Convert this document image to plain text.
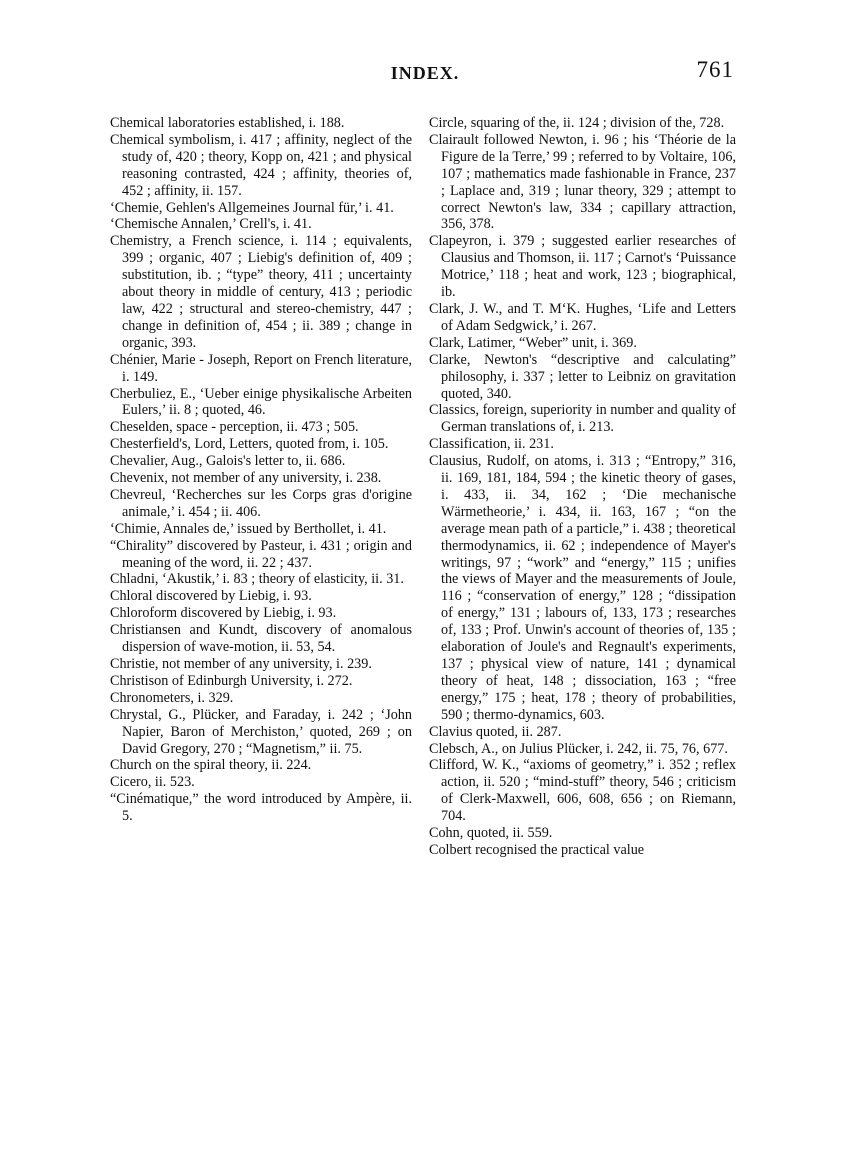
INDEX.	761

Chemical laboratories established, i. 188.

Chemical symbolism, i. 417 ; affinity, neglect of the study of, 420 ; theory, Kopp on, 421 ; and physical reasoning contrasted, 424 ; affinity, theories of, 452 ; affinity, ii. 157.

‘Chemie, Gehlen's Allgemeines Journal für,’ i. 41.

‘Chemische Annalen,’ Crell's, i. 41.

Chemistry, a French science, i. 114 ; equivalents, 399 ; organic, 407 ; Liebig's definition of, 409 ; substitution, ib. ; “type” theory, 411 ; uncertainty about theory in middle of century, 413 ; periodic law, 422 ; structural and stereo-chemistry, 447 ; change in definition of, 454 ; ii. 389 ; change in organic, 393.

Chénier, Marie - Joseph, Report on French literature, i. 149.

Cherbuliez, E., ‘Ueber einige physikalische Arbeiten Eulers,’ ii. 8 ; quoted, 46.

Cheselden, space - perception, ii. 473 ; 505.

Chesterfield's, Lord, Letters, quoted from, i. 105.

Chevalier, Aug., Galois's letter to, ii. 686.

Chevenix, not member of any university, i. 238.

Chevreul, ‘Recherches sur les Corps gras d'origine animale,’ i. 454 ; ii. 406.

‘Chimie, Annales de,’ issued by Berthollet, i. 41.

“Chirality” discovered by Pasteur, i. 431 ; origin and meaning of the word, ii. 22 ; 437.

Chladni, ‘Akustik,’ i. 83 ; theory of elasticity, ii. 31.

Chloral discovered by Liebig, i. 93.

Chloroform discovered by Liebig, i. 93.

Christiansen and Kundt, discovery of anomalous dispersion of wave-motion, ii. 53, 54.

Christie, not member of any university, i. 239.

Christison of Edinburgh University, i. 272.

Chronometers, i. 329.

Chrystal, G., Plücker, and Faraday, i. 242 ; ‘John Napier, Baron of Merchiston,’ quoted, 269 ; on David Gregory, 270 ; “Magnetism,” ii. 75.

Church on the spiral theory, ii. 224.

Cicero, ii. 523.

“Cinématique,” the word introduced by Ampère, ii. 5.

Circle, squaring of the, ii. 124 ; division of the, 728.

Clairault followed Newton, i. 96 ; his ‘Théorie de la Figure de la Terre,’ 99 ; referred to by Voltaire, 106, 107 ; mathematics made fashionable in France, 237 ; Laplace and, 319 ; lunar theory, 329 ; attempt to correct Newton's law, 334 ; capillary attraction, 356, 378.

Clapeyron, i. 379 ; suggested earlier researches of Clausius and Thomson, ii. 117 ; Carnot's ‘Puissance Motrice,’ 118 ; heat and work, 123 ; biographical, ib.

Clark, J. W., and T. M‘K. Hughes, ‘Life and Letters of Adam Sedgwick,’ i. 267.

Clark, Latimer, “Weber” unit, i. 369.

Clarke, Newton's “descriptive and calculating” philosophy, i. 337 ; letter to Leibniz on gravitation quoted, 340.

Classics, foreign, superiority in number and quality of German translations of, i. 213.

Classification, ii. 231.

Clausius, Rudolf, on atoms, i. 313 ; “Entropy,” 316, ii. 169, 181, 184, 594 ; the kinetic theory of gases, i. 433, ii. 34, 162 ; ‘Die mechanische Wärmetheorie,’ i. 434, ii. 163, 167 ; “on the average mean path of a particle,” i. 438 ; theoretical thermodynamics, ii. 62 ; independence of Mayer's writings, 97 ; “work” and “energy,” 115 ; unifies the views of Mayer and the measurements of Joule, 116 ; “conservation of energy,” 128 ; “dissipation of energy,” 131 ; labours of, 133, 173 ; researches of, 133 ; Prof. Unwin's account of theories of, 135 ; elaboration of Joule's and Regnault's experiments, 137 ; physical view of nature, 141 ; dynamical theory of heat, 148 ; dissociation, 163 ; “free energy,” 175 ; heat, 178 ; theory of probabilities, 590 ; thermo-dynamics, 603.

Clavius quoted, ii. 287.

Clebsch, A., on Julius Plücker, i. 242, ii. 75, 76, 677.

Clifford, W. K., “axioms of geometry,” i. 352 ; reflex action, ii. 520 ; “mind-stuff” theory, 546 ; criticism of Clerk-Maxwell, 606, 608, 656 ; on Riemann, 704.

Cohn, quoted, ii. 559.

Colbert recognised the practical value
